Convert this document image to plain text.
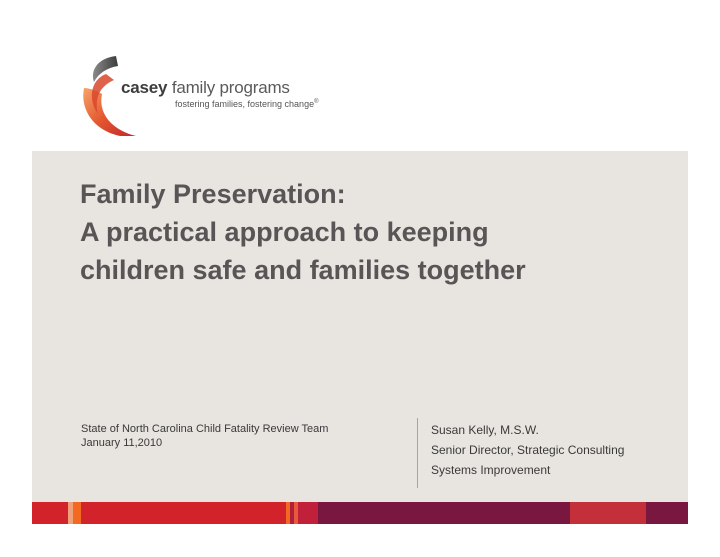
casey family programs
fostering families, fostering change®
Family Preservation:
A practical approach to keeping
children safe and families together
State of North Carolina Child Fatality Review Team
January 11,2010
Susan Kelly, M.S.W.
Senior Director, Strategic Consulting
Systems Improvement
